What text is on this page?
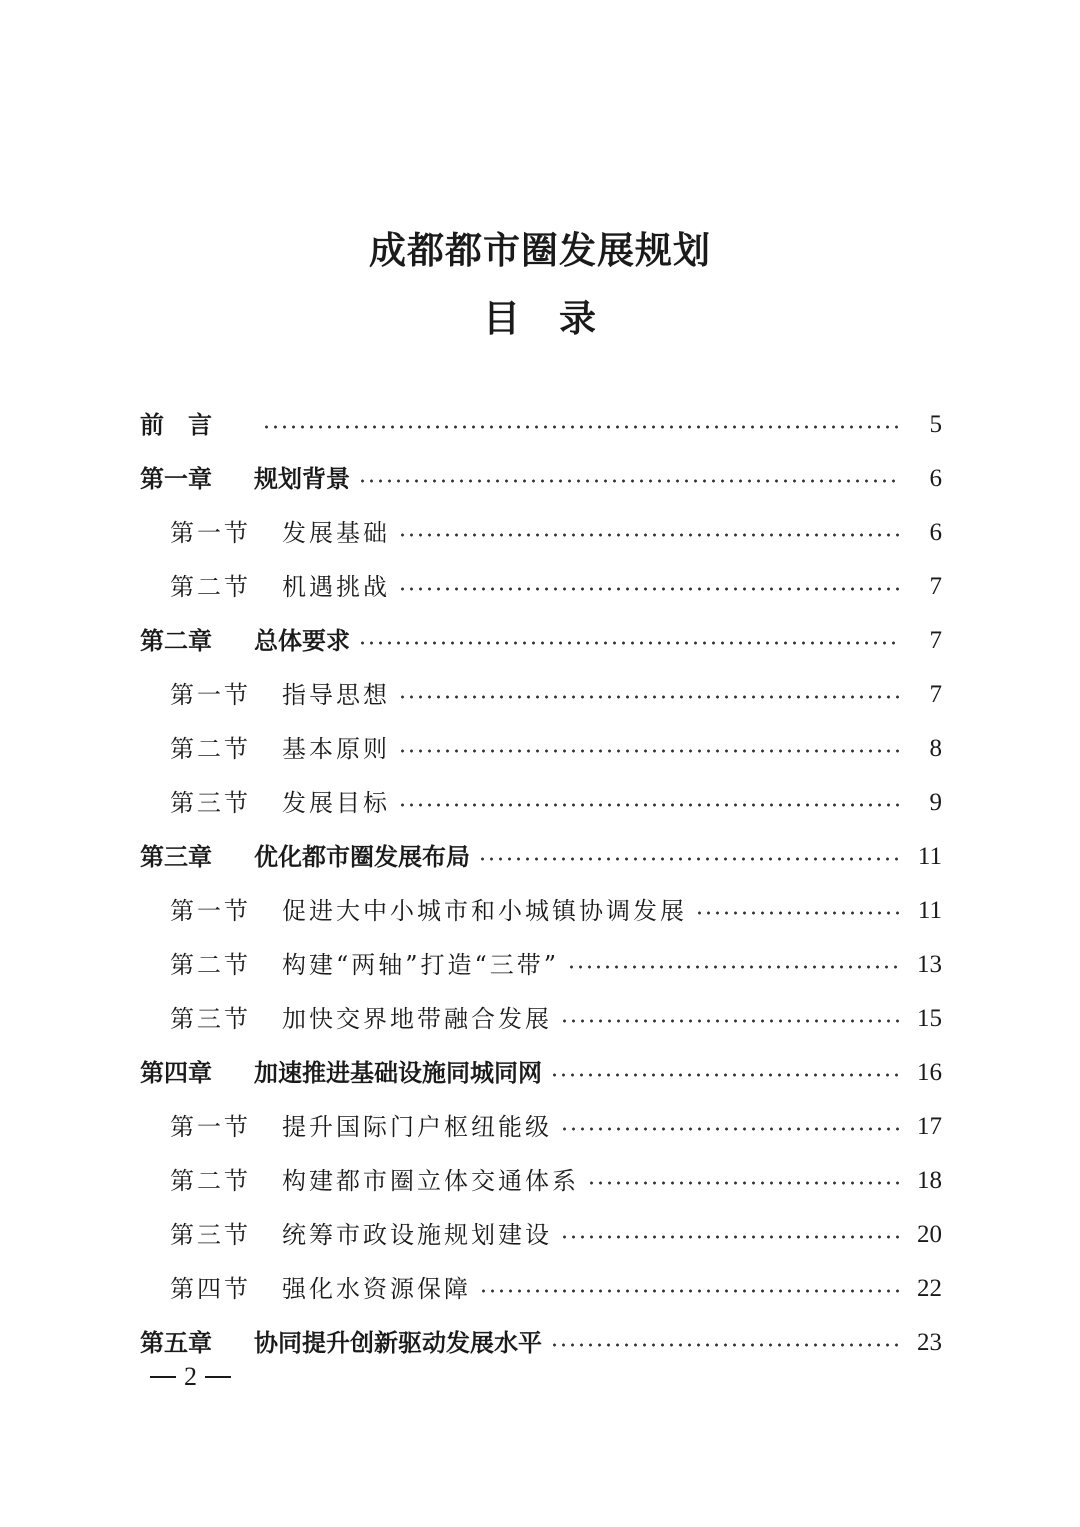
成都都市圈发展规划
目　录
前　言	5
第一章	规划背景	6
第一节	发展基础	6
第二节	机遇挑战	7
第二章	总体要求	7
第一节	指导思想	7
第二节	基本原则	8
第三节	发展目标	9
第三章	优化都市圈发展布局	11
第一节	促进大中小城市和小城镇协调发展	11
第二节	构建“两轴”打造“三带”	13
第三节	加快交界地带融合发展	15
第四章	加速推进基础设施同城同网	16
第一节	提升国际门户枢纽能级	17
第二节	构建都市圈立体交通体系	18
第三节	统筹市政设施规划建设	20
第四节	强化水资源保障	22
第五章	协同提升创新驱动发展水平	23
2
